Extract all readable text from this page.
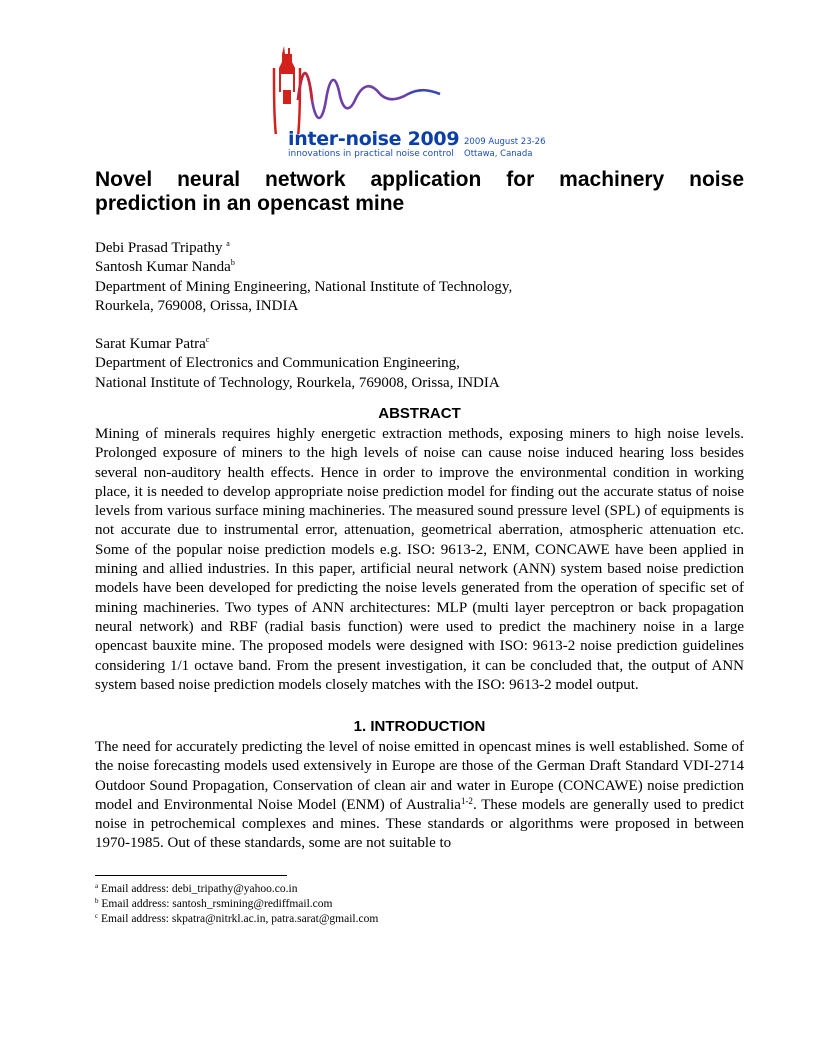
inter-noise 2009
innovations in practical noise control
2009 August 23-26
Ottawa, Canada
Novel neural network application for machinery noise
prediction in an opencast mine
Debi Prasad Tripathy $^a$
Santosh Kumar Nanda$^b$
Department of Mining Engineering, National Institute of Technology,
Rourkela, 769008, Orissa, INDIA
Sarat Kumar Patra$^c$
Department of Electronics and Communication Engineering,
National Institute of Technology, Rourkela, 769008, Orissa, INDIA
ABSTRACT
Mining of minerals requires highly energetic extraction methods, exposing miners to high noise levels. Prolonged exposure of miners to the high levels of noise can cause noise induced hearing loss besides several non-auditory health effects. Hence in order to improve the environmental condition in working place, it is needed to develop appropriate noise prediction model for finding out the accurate status of noise levels from various surface mining machineries. The measured sound pressure level (SPL) of equipments is not accurate due to instrumental error, attenuation, geometrical aberration, atmospheric attenuation etc. Some of the popular noise prediction models e.g. ISO: 9613-2, ENM, CONCAWE have been applied in mining and allied industries. In this paper, artificial neural network (ANN) system based noise prediction models have been developed for predicting the noise levels generated from the operation of specific set of mining machineries. Two types of ANN architectures: MLP (multi layer perceptron or back propagation neural network) and RBF (radial basis function) were used to predict the machinery noise in a large opencast bauxite mine. The proposed models were designed with ISO: 9613-2 noise prediction guidelines considering 1/1 octave band. From the present investigation, it can be concluded that, the output of ANN system based noise prediction models closely matches with the ISO: 9613-2 model output.
1. INTRODUCTION
The need for accurately predicting the level of noise emitted in opencast mines is well established. Some of the noise forecasting models used extensively in Europe are those of the German Draft Standard VDI-2714 Outdoor Sound Propagation, Conservation of clean air and water in Europe (CONCAWE) noise prediction model and Environmental Noise Model (ENM) of Australia$^{1-2}$. These models are generally used to predict noise in petrochemical complexes and mines. These standards or algorithms were proposed in between 1970-1985. Out of these standards, some are not suitable to
$^a$ Email address: debi_tripathy@yahoo.co.in
$^b$ Email address: santosh_rsmining@rediffmail.com
$^c$ Email address: skpatra@nitrkl.ac.in, patra.sarat@gmail.com
